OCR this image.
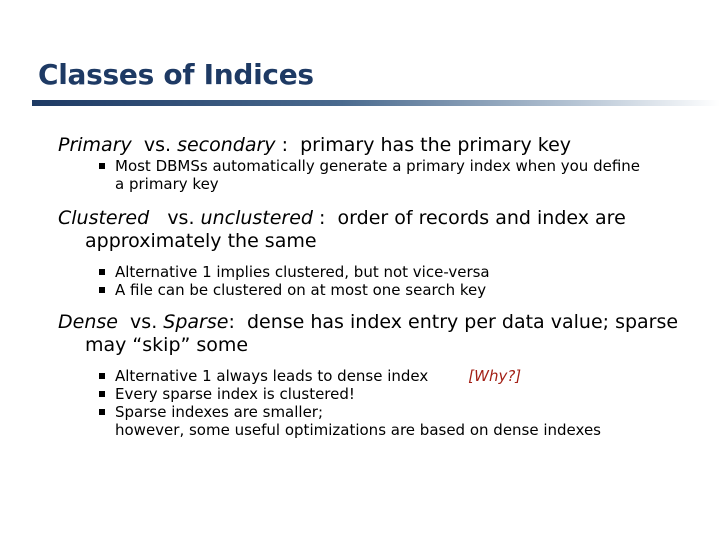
Classes of Indices

Primary vs. secondary : primary has the primary key

Most DBMSs automatically generate a primary index when you define
a primary key

Clustered vs. unclustered : order of records and index are
approximately the same

Alternative 1 implies clustered, but not vice-versa
A file can be clustered on at most one search key

Dense vs. Sparse: dense has index entry per data value; sparse
may “skip” some

Alternative 1 always leads to dense index	[Why?]
Every sparse index is clustered!
Sparse indexes are smaller;
however, some useful optimizations are based on dense indexes
